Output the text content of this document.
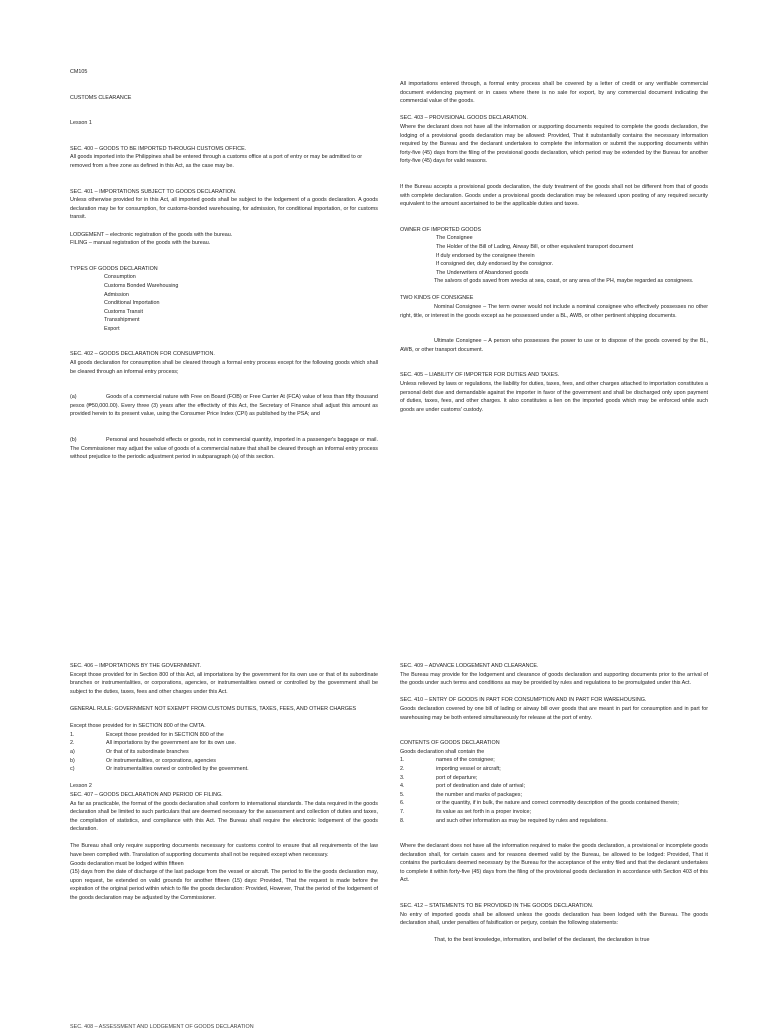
CM105

CUSTOMS CLEARANCE

Lesson 1

SEC. 400 – GOODS TO BE IMPORTED THROUGH CUSTOMS OFFICE.

All goods imported into the Philippines shall be entered through a customs office at a port of entry or may be admitted to or removed from a free zone as defined in this Act, as the case may be.

SEC. 401 – IMPORTATIONS SUBJECT TO GOODS DECLARATION.

Unless otherwise provided for in this Act, all imported goods shall be subject to the lodgement of a goods declaration. A goods declaration may be for consumption, for customs-bonded warehousing, for admission, for conditional importation, or for customs transit.

LODGEMENT – electronic registration of the goods with the bureau.

FILING – manual registration of the goods with the bureau.

TYPES OF GOODS DECLARATION

Consumption

Customs Bonded Warehousing

Admission

Conditional Importation

Customs Transit

Transshipment

Export

SEC. 402 – GOODS DECLARATION FOR CONSUMPTION.

All goods declaration for consumption shall be cleared through a formal entry process except for the following goods which shall be cleared through an informal entry process;

(a)	Goods of a commercial nature with Free on Board (FOB) or Free Carrier At (FCA) value of less than fifty thousand pesos (₱50,000.00). Every three (3) years after the effectivity of this Act, the Secretary of Finance shall adjust this amount as provided herein to its present value, using the Consumer Price Index (CPI) as published by the PSA; and

(b)	Personal and household effects or goods, not in commercial quantity, imported in a passenger's baggage or mail. The Commissioner may adjust the value of goods of a commercial nature that shall be cleared through an informal entry process without prejudice to the periodic adjustment period in subparagraph (a) of this section.

All importations entered through, a formal entry process shall be covered by a letter of credit or any verifiable commercial document evidencing payment or in cases where there is no sale for export, by any commercial document indicating the commercial value of the goods.

SEC. 403 – PROVISIONAL GOODS DECLARATION.

Where the declarant does not have all the information or supporting documents required to complete the goods declaration, the lodging of a provisional goods declaration may be allowed: Provided, That it substantially contains the necessary information required by the Bureau and the declarant undertakes to complete the information or submit the supporting documents within forty-five (45) days from the filing of the provisional goods declaration, which period may be extended by the Bureau for another forty-five (45) days for valid reasons.

If the Bureau accepts a provisional goods declaration, the duty treatment of the goods shall not be different from that of goods with complete declaration. Goods under a provisional goods declaration may be released upon posting of any required security equivalent to the amount ascertained to be the applicable duties and taxes.

OWNER OF IMPORTED GOODS

The Consignee

The Holder of the Bill of Lading, Airway Bill, or other equivalent transport document

If duly endorsed by the consignee therein

If consigned der, duly endorsed by the consignor.

The Underwriters of Abandoned goods

The salvors of gods saved from wrecks at sea, coast, or any area of the PH, maybe regarded as consignees.

TWO KINDS OF CONSIGNEE

Nominal Consignee – The term owner would not include a nominal consignee who effectively possesses no other right, title, or interest in the goods except as he possessed under a BL, AWB, or other pertinent shipping documents.

Ultimate Consignee – A person who possesses the power to use or to dispose of the goods covered by the BL, AWB, or other transport document.

SEC. 405 – LIABILITY OF IMPORTER FOR DUTIES AND TAXES.

Unless relieved by laws or regulations, the liability for duties, taxes, fees, and other charges attached to importation constitutes a personal debt due and demandable against the importer in favor of the government and shall be discharged only upon payment of duties, taxes, fees, and other charges. It also constitutes a lien on the imported goods which may be enforced while such goods are under customs' custody.

SEC. 406 – IMPORTATIONS BY THE GOVERNMENT.

Except those provided for in Section 800 of this Act, all importations by the government for its own use or that of its subordinate branches or instrumentalities, or corporations, agencies, or instrumentalities owned or controlled by the government shall be subject to the duties, taxes, fees and other charges under this Act.

GENERAL RULE: GOVERNMENT NOT EXEMPT FROM CUSTOMS DUTIES, TAXES, FEES, AND OTHER CHARGES

Except those provided for in SECTION 800 of the CMTA.

1.	Except those provided for in SECTION 800 of the
2.	All importations by the government are for its own use.
a)	Or that of its subordinate branches
b)	Or instrumentalities, or corporations, agencies
c)	Or instrumentalities owned or controlled by the government.

Lesson 2

SEC. 407 – GOODS DECLARATION AND PERIOD OF FILING.

As far as practicable, the format of the goods declaration shall conform to international standards. The data required in the goods declaration shall be limited to such particulars that are deemed necessary for the assessment and collection of duties and taxes, the compilation of statistics, and compliance with this Act. The Bureau shall require the electronic lodgement of the goods declaration.

The Bureau shall only require supporting documents necessary for customs control to ensure that all requirements of the law have been complied with. Translation of supporting documents shall not be required except when necessary.

Goods declaration must be lodged within fifteen

(15) days from the date of discharge of the last package from the vessel or aircraft. The period to file the goods declaration may, upon request, be extended on valid grounds for another fifteen (15) days: Provided, That the request is made before the expiration of the original period within which to file the goods declaration: Provided, However, That the period of the lodgement of the goods declaration may be adjusted by the Commissioner.

SEC. 409 – ADVANCE LODGEMENT AND CLEARANCE.

The Bureau may provide for the lodgement and clearance of goods declaration and supporting documents prior to the arrival of the goods under such terms and conditions as may be provided by rules and regulations to be promulgated under this Act.

SEC. 410 – ENTRY OF GOODS IN PART FOR CONSUMPTION AND IN PART FOR WAREHOUSING.

Goods declaration covered by one bill of lading or airway bill over goods that are meant in part for consumption and in part for warehousing may be both entered simultaneously for release at the port of entry.

CONTENTS OF GOODS DECLARATION

Goods declaration shall contain the

1.	names of the consignee;
2.	importing vessel or aircraft;
3.	port of departure;
4.	port of destination and date of arrival;
5.	the number and marks of packages;
6.	or the quantity, if in bulk, the nature and correct commodity description of the goods contained therein;
7.	its value as set forth in a proper invoice;
8.	and such other information as may be required by rules and regulations.

Where the declarant does not have all the information required to make the goods declaration, a provisional or incomplete goods declaration shall, for certain cases and for reasons deemed valid by the Bureau, be allowed to be lodged: Provided, That it contains the particulars deemed necessary by the Bureau for the acceptance of the entry filed and that the declarant undertakes to complete it within forty-five (45) days from the filing of the provisional goods declaration in accordance with Section 403 of this Act.

SEC. 412 – STATEMENTS TO BE PROVIDED IN THE GOODS DECLARATION.

No entry of imported goods shall be allowed unless the goods declaration has been lodged with the Bureau. The goods declaration shall, under penalties of falsification or perjury, contain the following statements:

That, to the best knowledge, information, and belief of the declarant, the declaration is true

SEC. 408 – ASSESSMENT AND LODGEMENT OF GOODS DECLARATION
